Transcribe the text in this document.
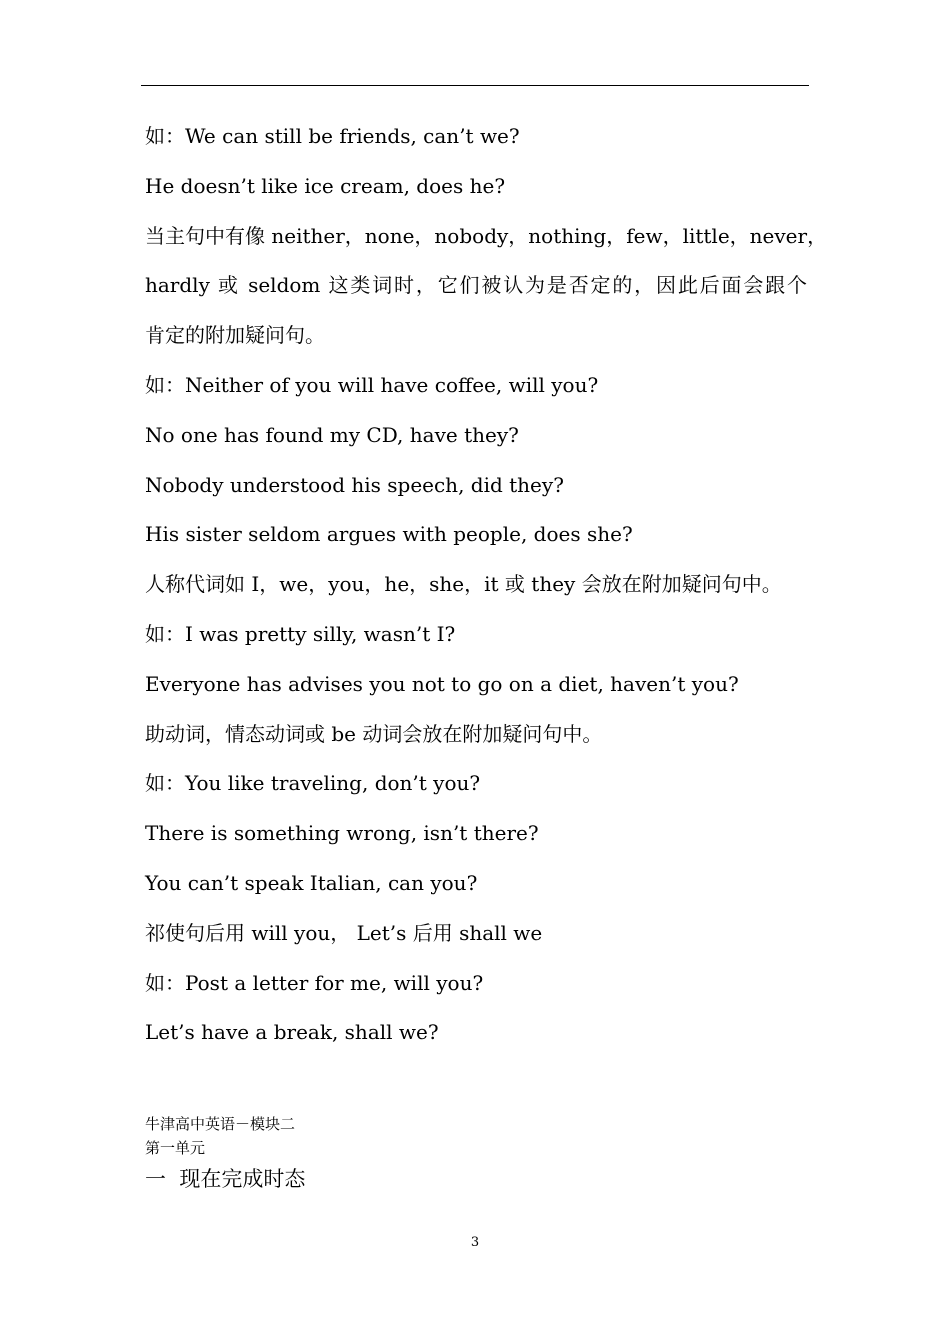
如：We can still be friends, can’t we?
He doesn’t like ice cream, does he?
当主句中有像 neither，none，nobody，nothing，few，little，never，
hardly 或 seldom 这类词时，它们被认为是否定的，因此后面会跟个
肯定的附加疑问句。
如：Neither of you will have coffee, will you?
No one has found my CD, have they?
Nobody understood his speech, did they?
His sister seldom argues with people, does she?
人称代词如 I，we，you，he，she，it 或 they 会放在附加疑问句中。
如：I was pretty silly, wasn’t I?
Everyone has advises you not to go on a diet, haven’t you?
助动词，情态动词或 be 动词会放在附加疑问句中。
如：You like traveling, don’t you?
There is something wrong, isn’t there?
You can’t speak Italian, can you?
祁使句后用 will you， Let’s 后用 shall we
如：Post a letter for me, will you?
Let’s have a break, shall we?
牛津高中英语－模块二
第一单元
一  现在完成时态
3
